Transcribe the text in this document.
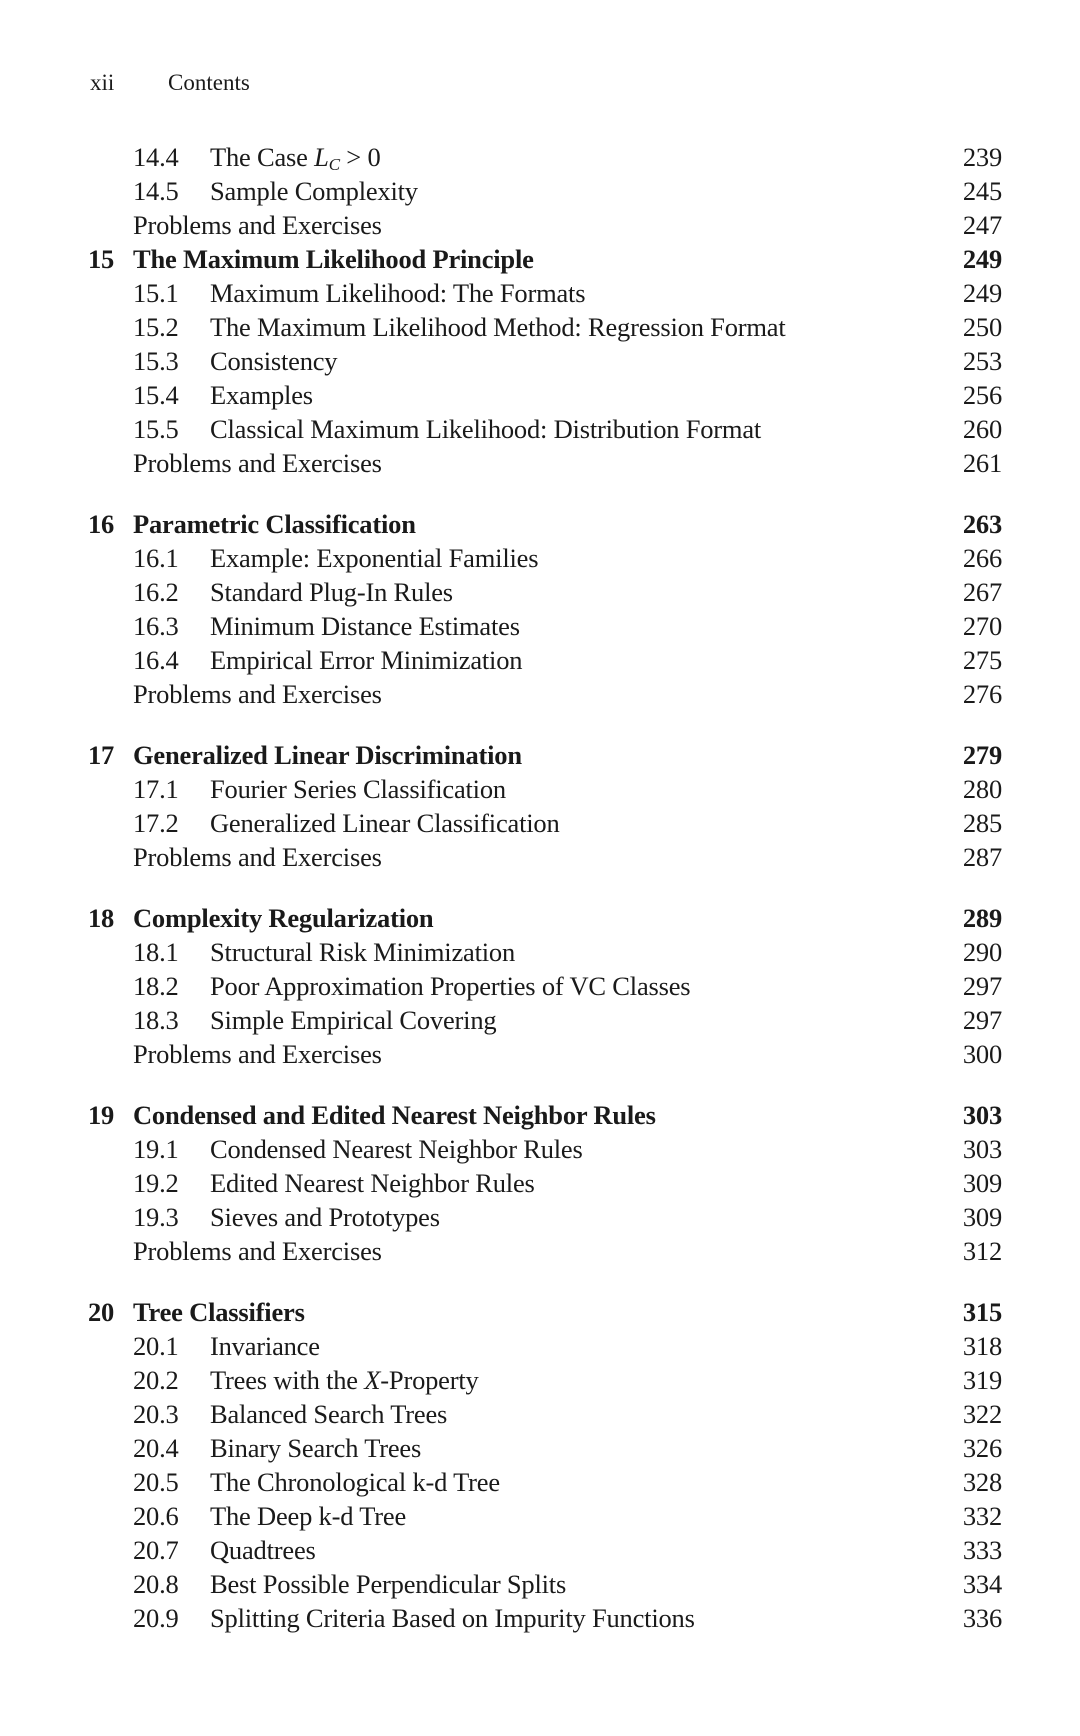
xii	Contents
14.4	The Case $L_C > 0$	239
14.5	Sample Complexity	245
Problems and Exercises	247
15 The Maximum Likelihood Principle	249
15.1	Maximum Likelihood: The Formats	249
15.2	The Maximum Likelihood Method: Regression Format	250
15.3	Consistency	253
15.4	Examples	256
15.5	Classical Maximum Likelihood: Distribution Format	260
Problems and Exercises	261
16 Parametric Classification	263
16.1	Example: Exponential Families	266
16.2	Standard Plug-In Rules	267
16.3	Minimum Distance Estimates	270
16.4	Empirical Error Minimization	275
Problems and Exercises	276
17 Generalized Linear Discrimination	279
17.1	Fourier Series Classification	280
17.2	Generalized Linear Classification	285
Problems and Exercises	287
18 Complexity Regularization	289
18.1	Structural Risk Minimization	290
18.2	Poor Approximation Properties of VC Classes	297
18.3	Simple Empirical Covering	297
Problems and Exercises	300
19 Condensed and Edited Nearest Neighbor Rules	303
19.1	Condensed Nearest Neighbor Rules	303
19.2	Edited Nearest Neighbor Rules	309
19.3	Sieves and Prototypes	309
Problems and Exercises	312
20 Tree Classifiers	315
20.1	Invariance	318
20.2	Trees with the X-Property	319
20.3	Balanced Search Trees	322
20.4	Binary Search Trees	326
20.5	The Chronological k-d Tree	328
20.6	The Deep k-d Tree	332
20.7	Quadtrees	333
20.8	Best Possible Perpendicular Splits	334
20.9	Splitting Criteria Based on Impurity Functions	336
